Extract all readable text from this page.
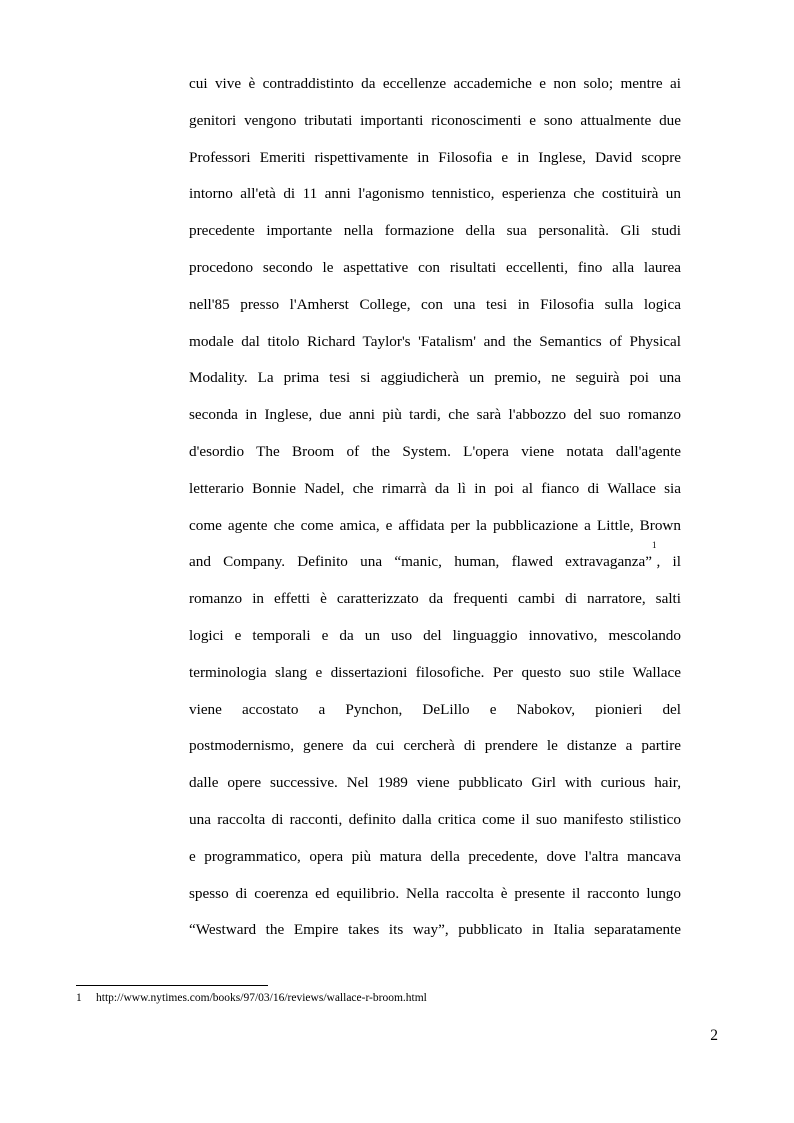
cui vive è contraddistinto da eccellenze accademiche e non solo; mentre ai
genitori vengono tributati importanti riconoscimenti e sono attualmente due
Professori Emeriti rispettivamente in Filosofia e in Inglese, David scopre
intorno all'età di 11 anni l'agonismo tennistico, esperienza che costituirà un
precedente importante nella formazione della sua personalità. Gli studi
procedono secondo le aspettative con risultati eccellenti, fino alla laurea
nell'85 presso l'Amherst College, con una tesi in Filosofia sulla logica
modale dal titolo Richard Taylor's 'Fatalism' and the Semantics of Physical
Modality. La prima tesi si aggiudicherà un premio, ne seguirà poi una
seconda in Inglese, due anni più tardi, che sarà l'abbozzo del suo romanzo
d'esordio The Broom of the System. L'opera viene notata dall'agente
letterario Bonnie Nadel, che rimarrà da lì in poi al fianco di Wallace sia
come agente che come amica, e affidata per la pubblicazione a Little, Brown
and Company. Definito una “manic, human, flawed extravaganza”$^1$, il
romanzo in effetti è caratterizzato da frequenti cambi di narratore, salti
logici e temporali e da un uso del linguaggio innovativo, mescolando
terminologia slang e dissertazioni filosofiche. Per questo suo stile Wallace
viene accostato a Pynchon, DeLillo e Nabokov, pionieri del
postmodernismo, genere da cui cercherà di prendere le distanze a partire
dalle opere successive. Nel 1989 viene pubblicato Girl with curious hair,
una raccolta di racconti, definito dalla critica come il suo manifesto stilistico
e programmatico, opera più matura della precedente, dove l'altra mancava
spesso di coerenza ed equilibrio. Nella raccolta è presente il racconto lungo
“Westward the Empire takes its way”, pubblicato in Italia separatamente
1 http://www.nytimes.com/books/97/03/16/reviews/wallace-r-broom.html
2
